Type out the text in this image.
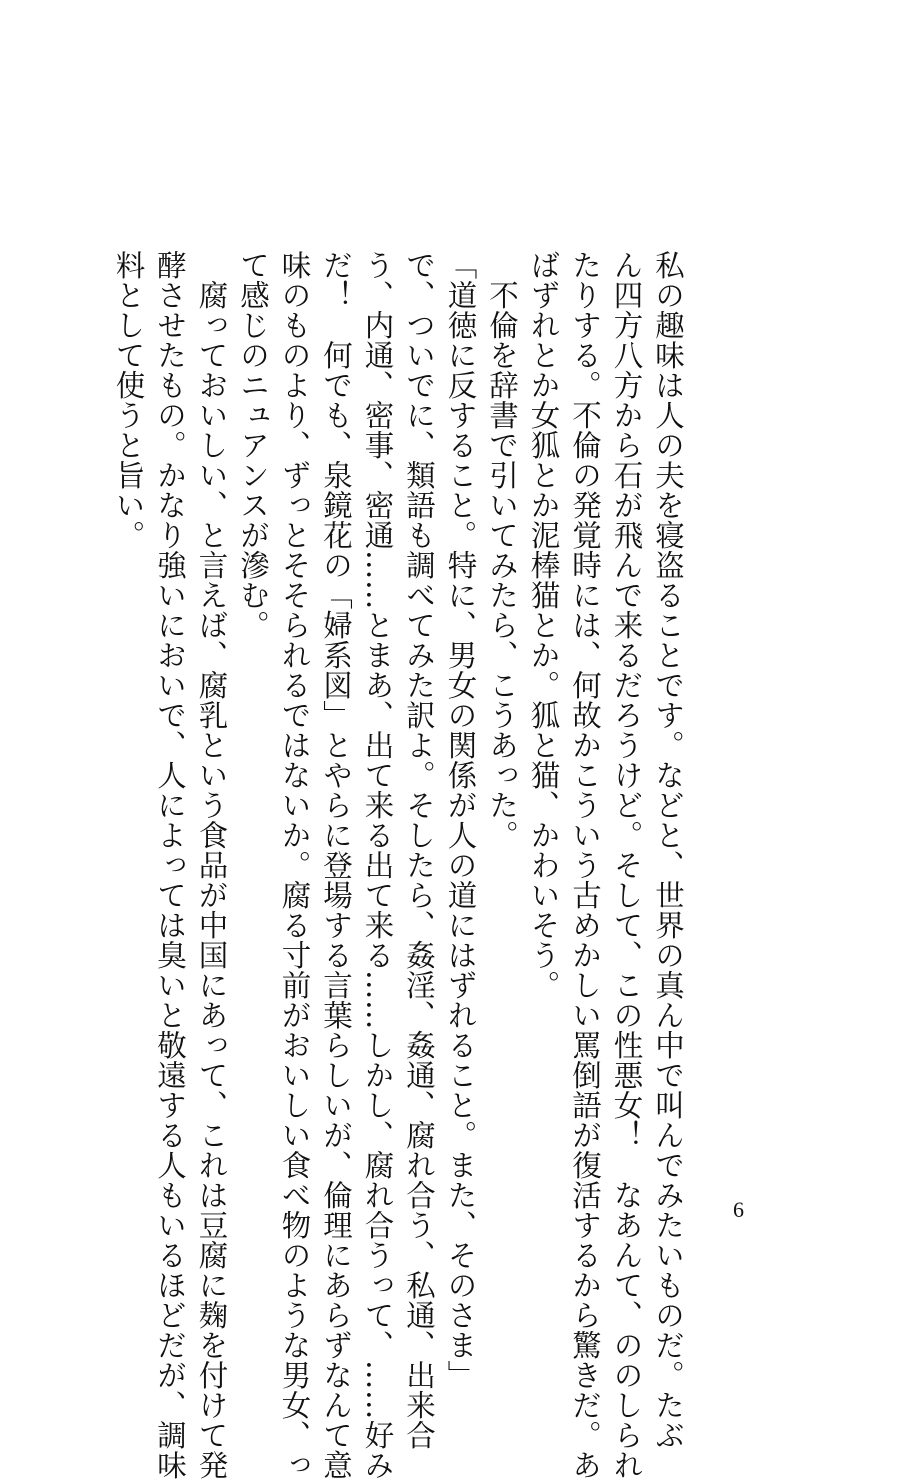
私の趣味は人の夫を寝盗ることです。などと、世界の真ん中で叫んでみたいものだ。たぶ

ん四方八方から石が飛んで来るだろうけど。そして、この性悪女！　なあんて、ののしられ

たりする。不倫の発覚時には、何故かこういう古めかしい罵倒語が復活するから驚きだ。あ

ばずれとか女狐とか泥棒猫とか。狐と猫、かわいそう。

　不倫を辞書で引いてみたら、こうあった。

「道徳に反すること。特に、男女の関係が人の道にはずれること。また、そのさま」

で、ついでに、類語も調べてみた訳よ。そしたら、姦淫、姦通、腐れ合う、私通、出来合

う、内通、密事、密通……とまあ、出て来る出て来る……しかし、腐れ合うって、……好み

だ！　何でも、泉鏡花の「婦系図」とやらに登場する言葉らしいが、倫理にあらずなんて意

味のものより、ずっとそそられるではないか。腐る寸前がおいしい食べ物のような男女、っ

て感じのニュアンスが滲む。

　腐っておいしい、と言えば、腐乳という食品が中国にあって、これは豆腐に麹を付けて発

酵させたもの。かなり強いにおいで、人によっては臭いと敬遠する人もいるほどだが、調味

料として使うと旨い。

6
